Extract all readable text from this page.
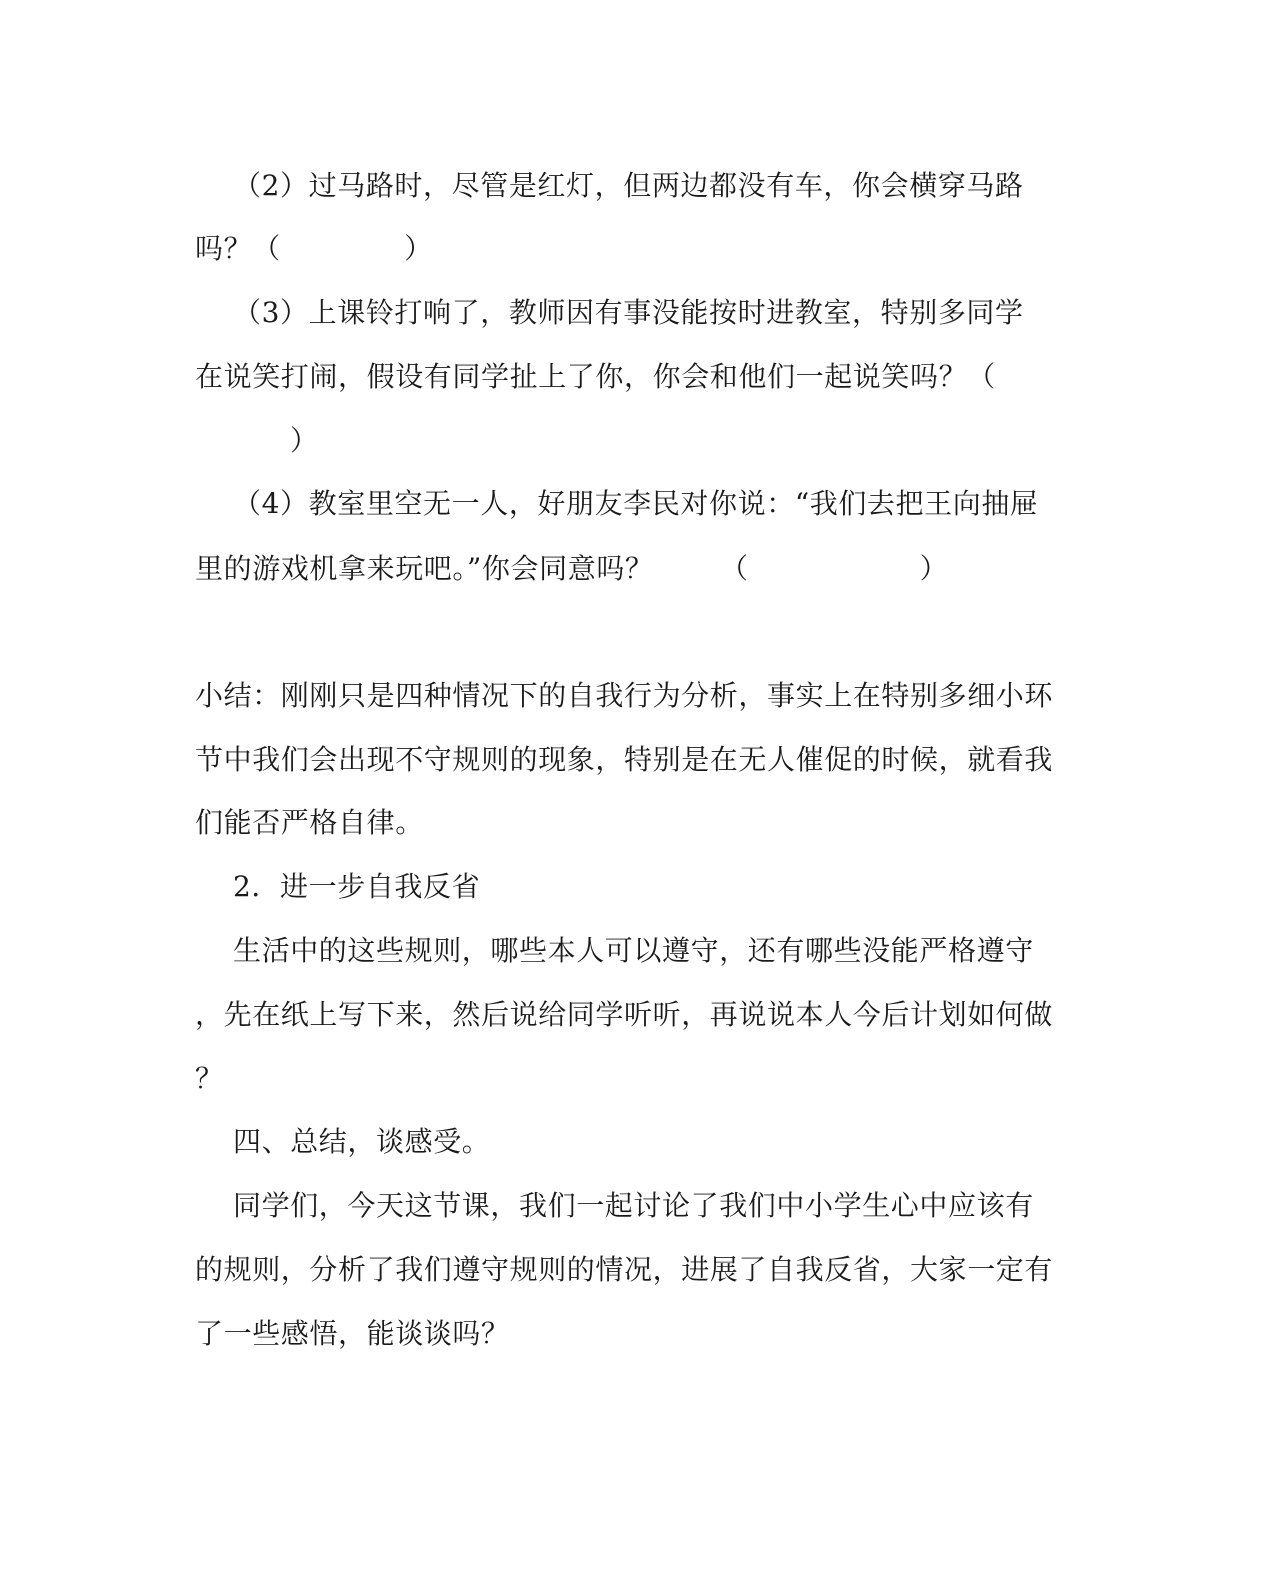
（2）过马路时，尽管是红灯，但两边都没有车，你会横穿马路
吗？（             ）
（3）上课铃打响了，教师因有事没能按时进教室，特别多同学
在说笑打闹，假设有同学扯上了你，你会和他们一起说笑吗？（
）
（4）教室里空无一人，好朋友李民对你说：“我们去把王向抽屉
里的游戏机拿来玩吧。”你会同意吗？       （                  ）
小结：刚刚只是四种情况下的自我行为分析，事实上在特别多细小环
节中我们会出现不守规则的现象，特别是在无人催促的时候，就看我
们能否严格自律。
2．进一步自我反省
生活中的这些规则，哪些本人可以遵守，还有哪些没能严格遵守
，先在纸上写下来，然后说给同学听听，再说说本人今后计划如何做
？
四、总结，谈感受。
同学们，今天这节课，我们一起讨论了我们中小学生心中应该有
的规则，分析了我们遵守规则的情况，进展了自我反省，大家一定有
了一些感悟，能谈谈吗？
